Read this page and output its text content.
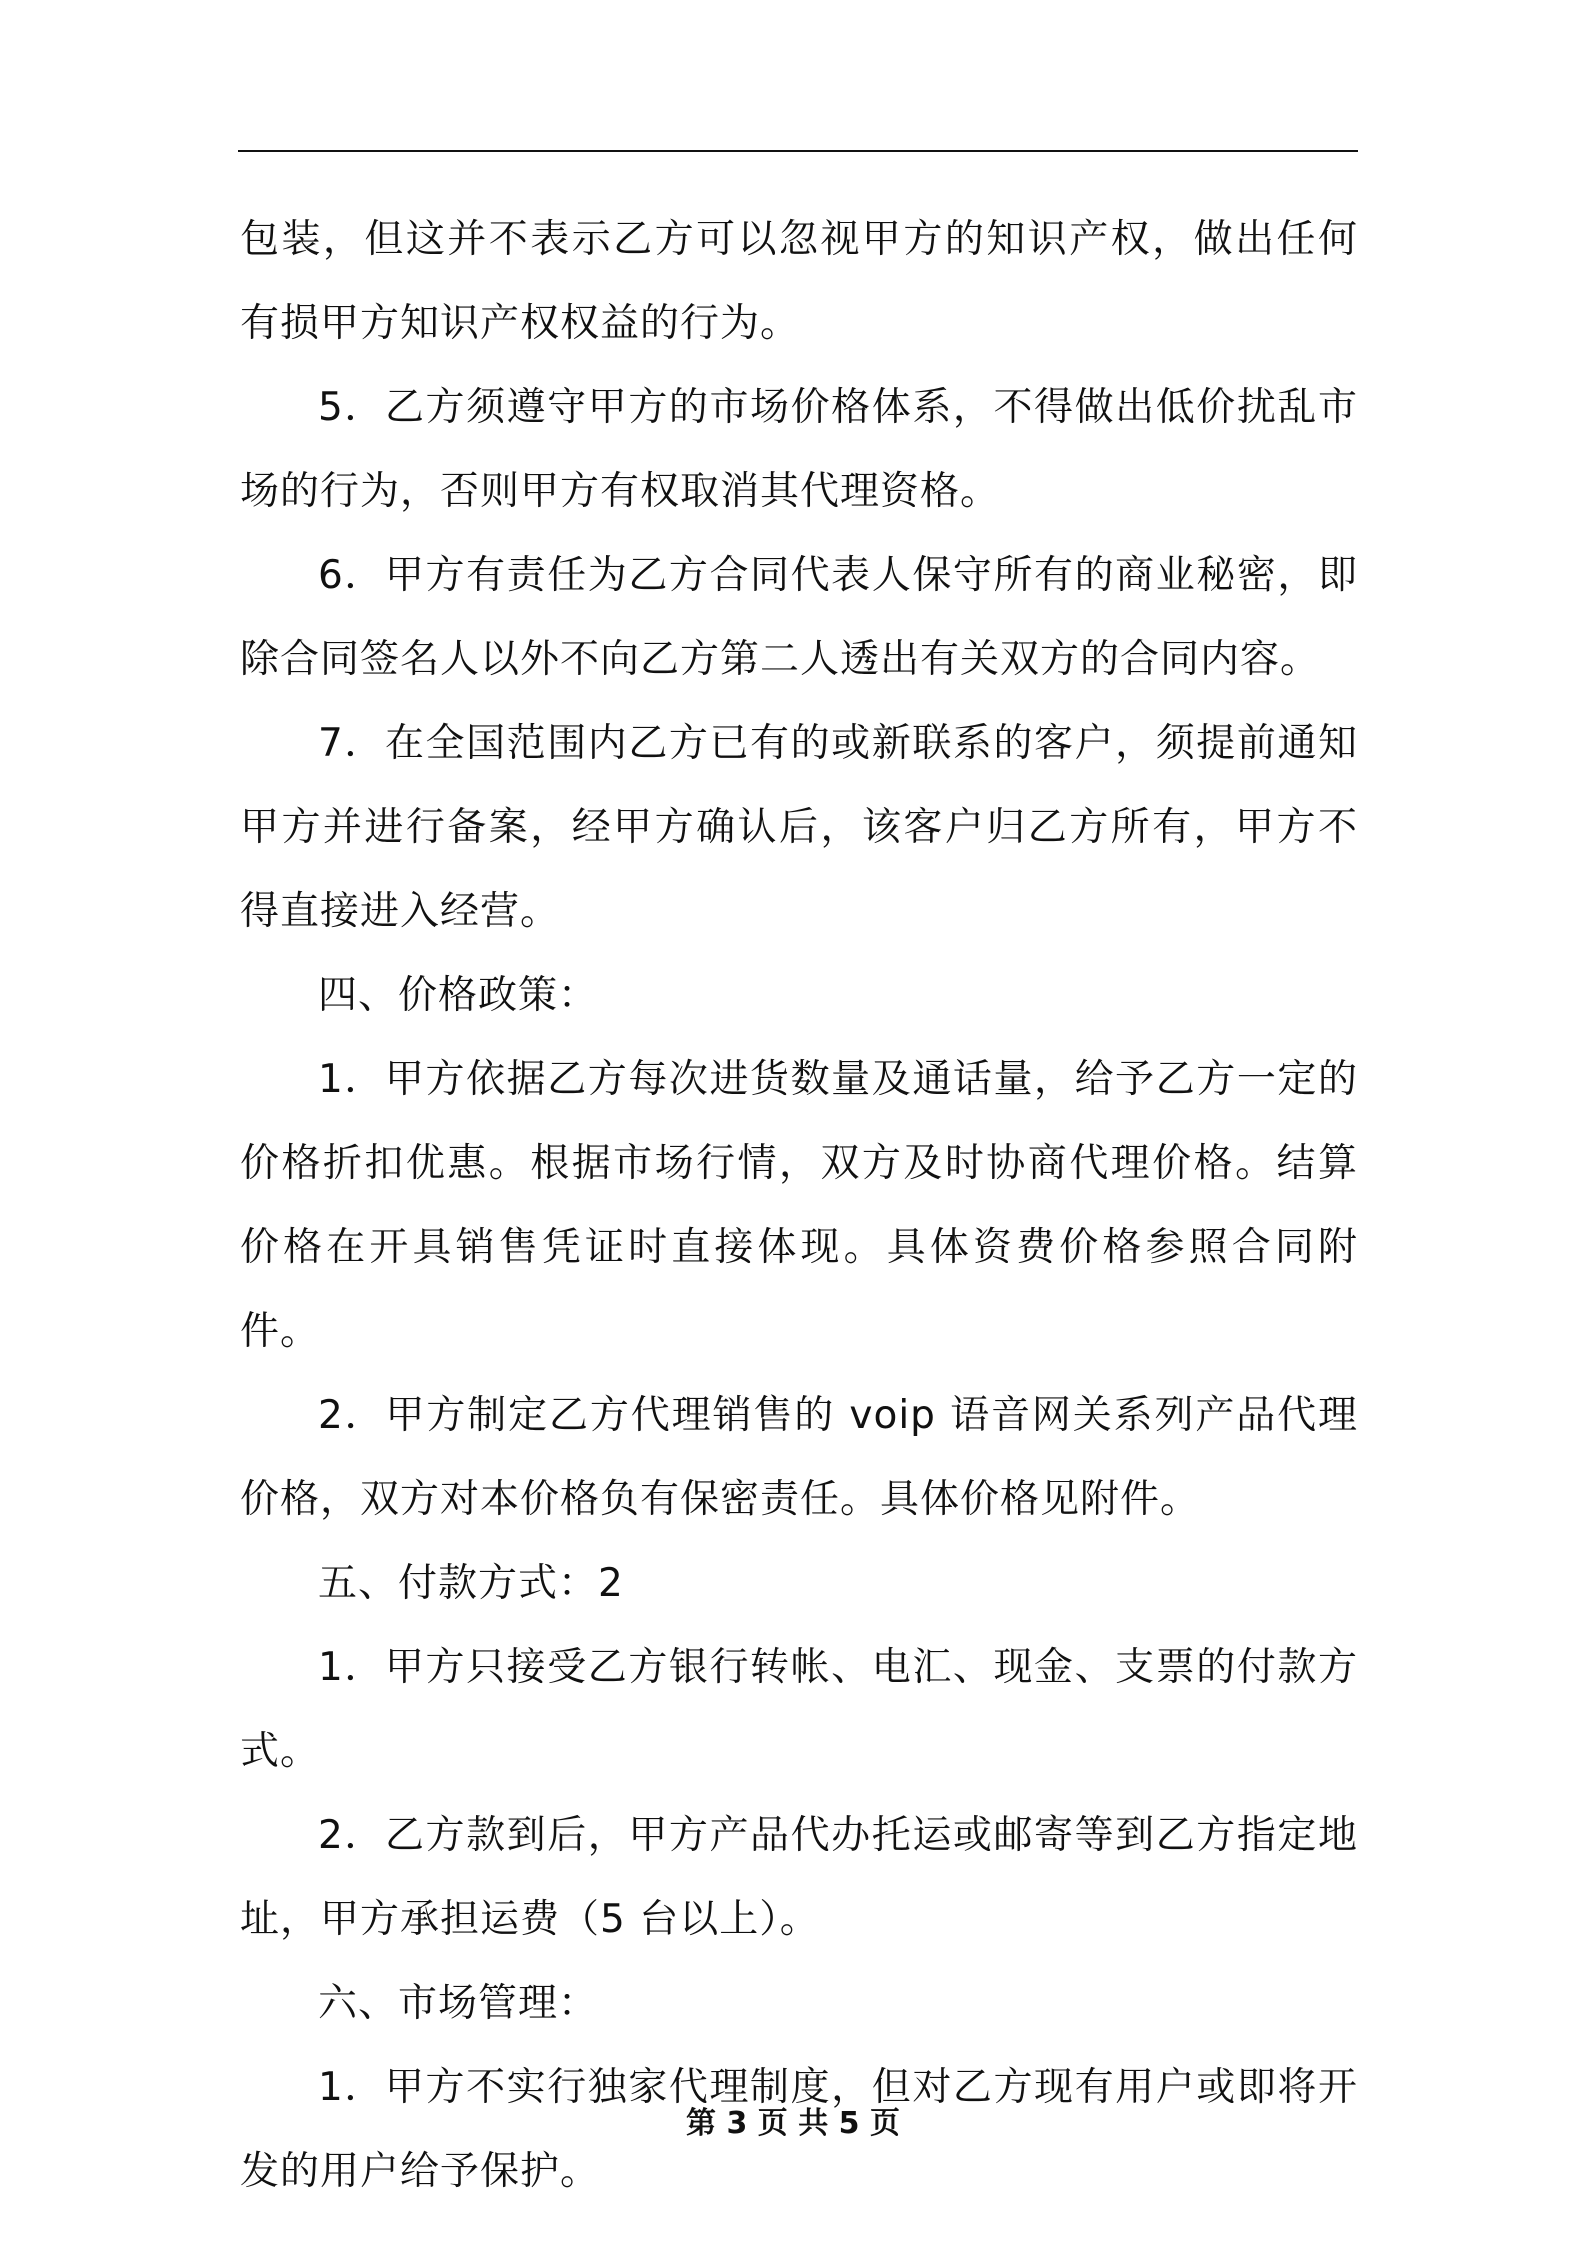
包装，但这并不表示乙方可以忽视甲方的知识产权，做出任何有损甲方知识产权权益的行为。

5．乙方须遵守甲方的市场价格体系，不得做出低价扰乱市场的行为，否则甲方有权取消其代理资格。

6．甲方有责任为乙方合同代表人保守所有的商业秘密，即除合同签名人以外不向乙方第二人透出有关双方的合同内容。

7．在全国范围内乙方已有的或新联系的客户，须提前通知甲方并进行备案，经甲方确认后，该客户归乙方所有，甲方不得直接进入经营。

四、价格政策：

1．甲方依据乙方每次进货数量及通话量，给予乙方一定的价格折扣优惠。根据市场行情，双方及时协商代理价格。结算价格在开具销售凭证时直接体现。具体资费价格参照合同附件。

2．甲方制定乙方代理销售的 voip 语音网关系列产品代理价格，双方对本价格负有保密责任。具体价格见附件。

五、付款方式：2

1．甲方只接受乙方银行转帐、电汇、现金、支票的付款方式。

2．乙方款到后，甲方产品代办托运或邮寄等到乙方指定地址，甲方承担运费（5 台以上）。

六、市场管理：

1．甲方不实行独家代理制度，但对乙方现有用户或即将开发的用户给予保护。

第 3 页 共 5 页
